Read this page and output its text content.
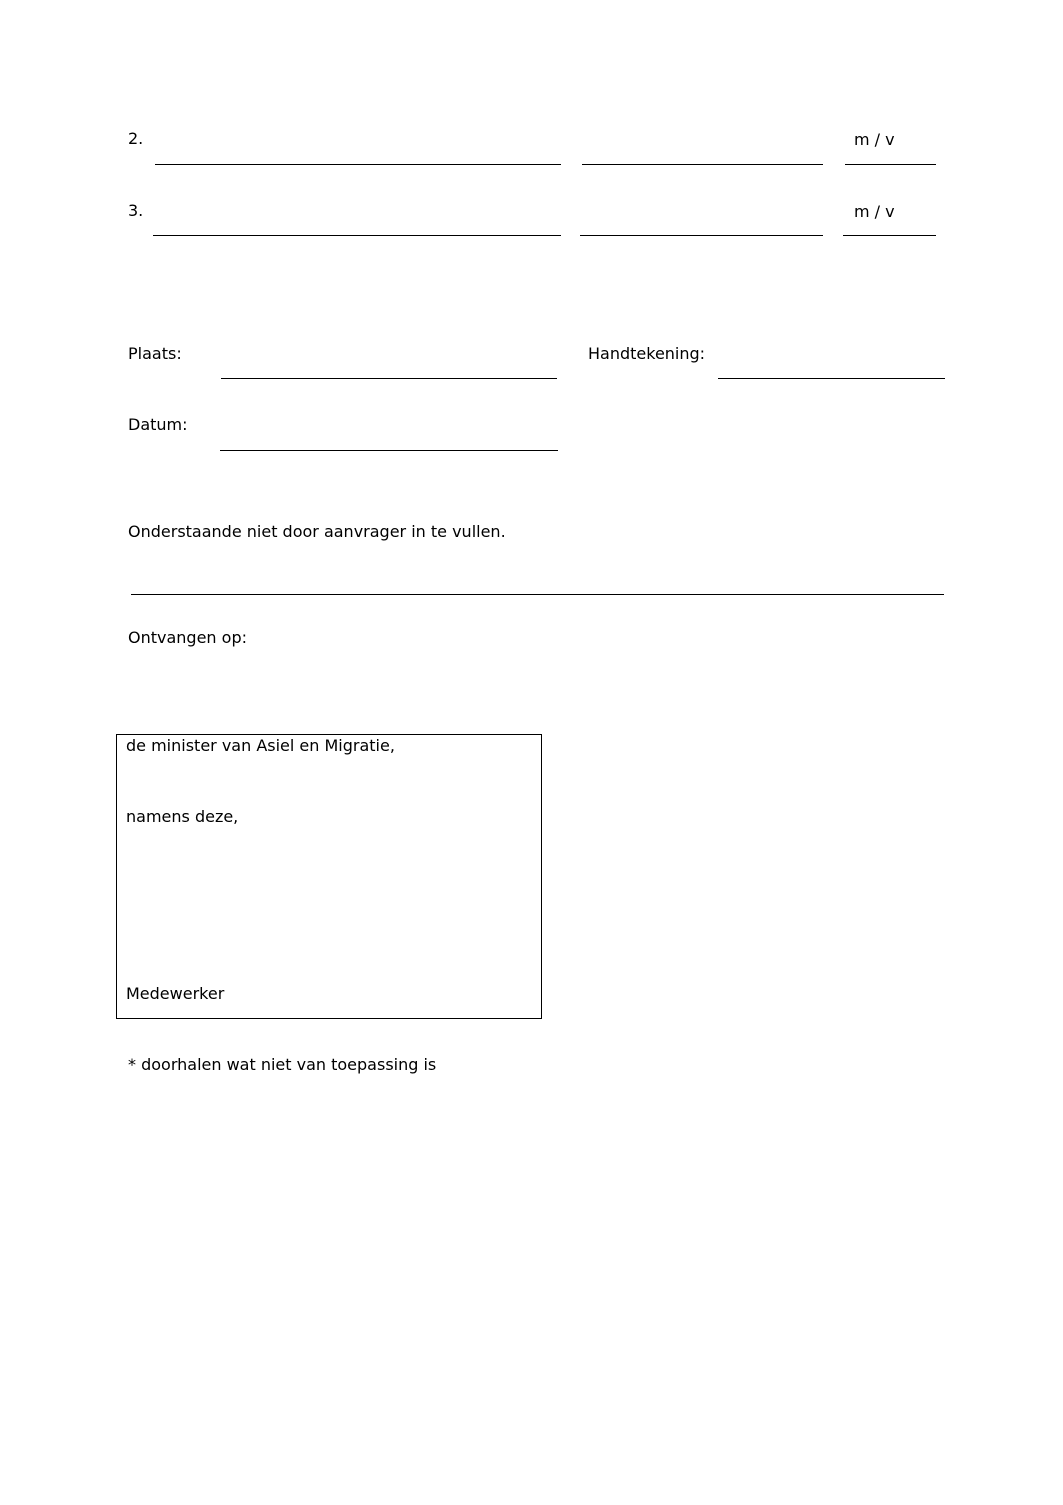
2.	m / v
3.	m / v
Plaats:	Handtekening:
Datum:
Onderstaande niet door aanvrager in te vullen.
Ontvangen op:
de minister van Asiel en Migratie,
namens deze,
Medewerker
* doorhalen wat niet van toepassing is
